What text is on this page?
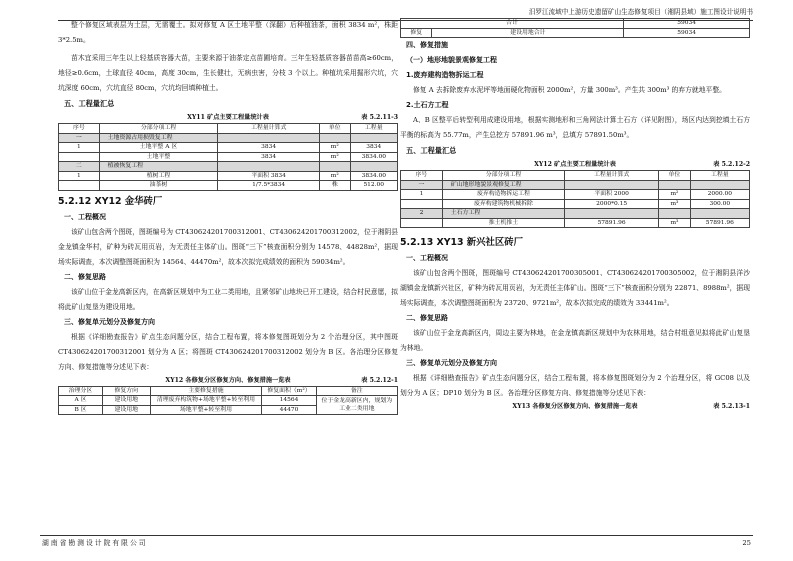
汨罗江流域中上游历史遗留矿山生态修复项目（湘阴县域）施工图设计说明书

整个修复区域表层为土层，无需覆土。拟对修复 A 区土地平整（深翻）后种植油茶，面积 3834 m²，株距 3*2.5m。

苗木宜采用三年生以上轻基质容器大苗，主要来源于油茶定点苗圃培育。三年生轻基质容器苗苗高≥60cm，地径≥0.6cm，土球直径 40cm，高度 30cm，生长健壮，无病虫害，分枝 3 个以上。种植坑采用掘形穴坑，穴坑深度 60cm，穴坑直径 80cm，穴坑均回填种植土。

五、工程量汇总
XY11 矿点主要工程量统计表	表 5.2.11-3
序号	分部分项工程	工程量计算式	单位	工程量
一	土地资源占用损毁复工程			
1	土地平整 A 区	3834	m²	3834
	土地平整	3834	m²	3834.00
二	植被恢复工程			
1	植树工程	平面积 3834	m²	3834.00
	油茶树	1/7.5*3834	株	512.00
5.2.12 XY12 金华砖厂
一、工程概况

该矿山包含两个图斑，图斑编号为 CT430624201700312001、CT430624201700312002，位于湘阴县金龙镇金华村，矿种为砖瓦用页岩，为无责任主体矿山。图斑“三下”核查面积分别为 14578、44828m²，据现场实际调查，本次调整图斑面积为 14564、44470m²，故本次拟完成绩效的面积为 59034m²。

二、修复思路

该矿山位于金龙高新区内，在高新区规划中为工业二类用地，且紧邻矿山地块已开工建设，结合村民意愿，拟将此矿山复垦为建设用地。

三、修复单元划分及修复方向

根据《详细勘查报告》矿点生态问题分区，结合工程布置，将本修复图斑划分为 2 个治理分区，其中图斑 CT430624201700312001 划分为 A 区；将图斑 CT430624201700312002 划分为 B 区。各治理分区修复方向、修复措施等分述见下表：

XY12 各修复分区修复方向、修复措施一览表	表 5.2.12-1
治理分区	修复方向	主要修复措施	修复面积（m²）	备注
A 区	建设用地	清理废弃构筑物+场地平整+转至利用	14564	位于金龙高新区内，规划为工业二类用地
B 区	建设用地	场地平整+转至利用	44470	
合计		59034
修复	建设用地合计	59034
四、修复措施
（一）地形地貌景观修复工程
1.废弃建构造物拆运工程

修复 A 去拆除废弃水泥坪等地面硬化物面积 2000m²，方量 300m³。产生共 300m³ 的弃方就地平整。

2.土石方工程

A、B 区整平后转型利用成建设用地，根据实测地形和三角网法计算土石方（详见附图），场区内达到挖填土石方平衡的标高为 55.77m，产生总挖方 57891.96 m³，总填方 57891.50m³。

五、工程量汇总
XY12 矿点主要工程量统计表	表 5.2.12-2
序号	分部分项工程	工程量计算式	单位	工程量
一	矿山地形地貌景观修复工程			
1	废弃构造物拆运工程	平面积 2000	m²	2000.00
	废弃构建筑物机械拆除	2000*0.15	m³	300.00
2	土石方工程			
	推土机推土	57891.96	m³	57891.96
5.2.13 XY13 新兴社区砖厂
一、工程概况

该矿山包含两个图斑，图斑编号 CT430624201700305001、CT430624201700305002，位于湘阴县洋沙湖镇金龙镇新兴社区，矿种为砖瓦用页岩，为无责任主体矿山。图斑“三下”核查面积分别为 22871、8988m²，据现场实际调查，本次调整图斑面积为 23720、9721m²，故本次拟完成的绩效为 33441m²。

二、修复思路

该矿山位于金龙高新区内，周边主要为林地，在金龙镇高新区规划中为农林用地，结合村组意见拟将此矿山复垦为林地。

三、修复单元划分及修复方向

根据《详细勘查报告》矿点生态问题分区，结合工程布置，将本修复图斑划分为 2 个治理分区，将 GC08 以及划分为 A 区；DP10 划分为 B 区。各治理分区修复方向、修复措施等分述见下表：

XY13 各修复分区修复方向、修复措施一览表	表 5.2.13-1
湖南省勘测设计院有限公司	25
